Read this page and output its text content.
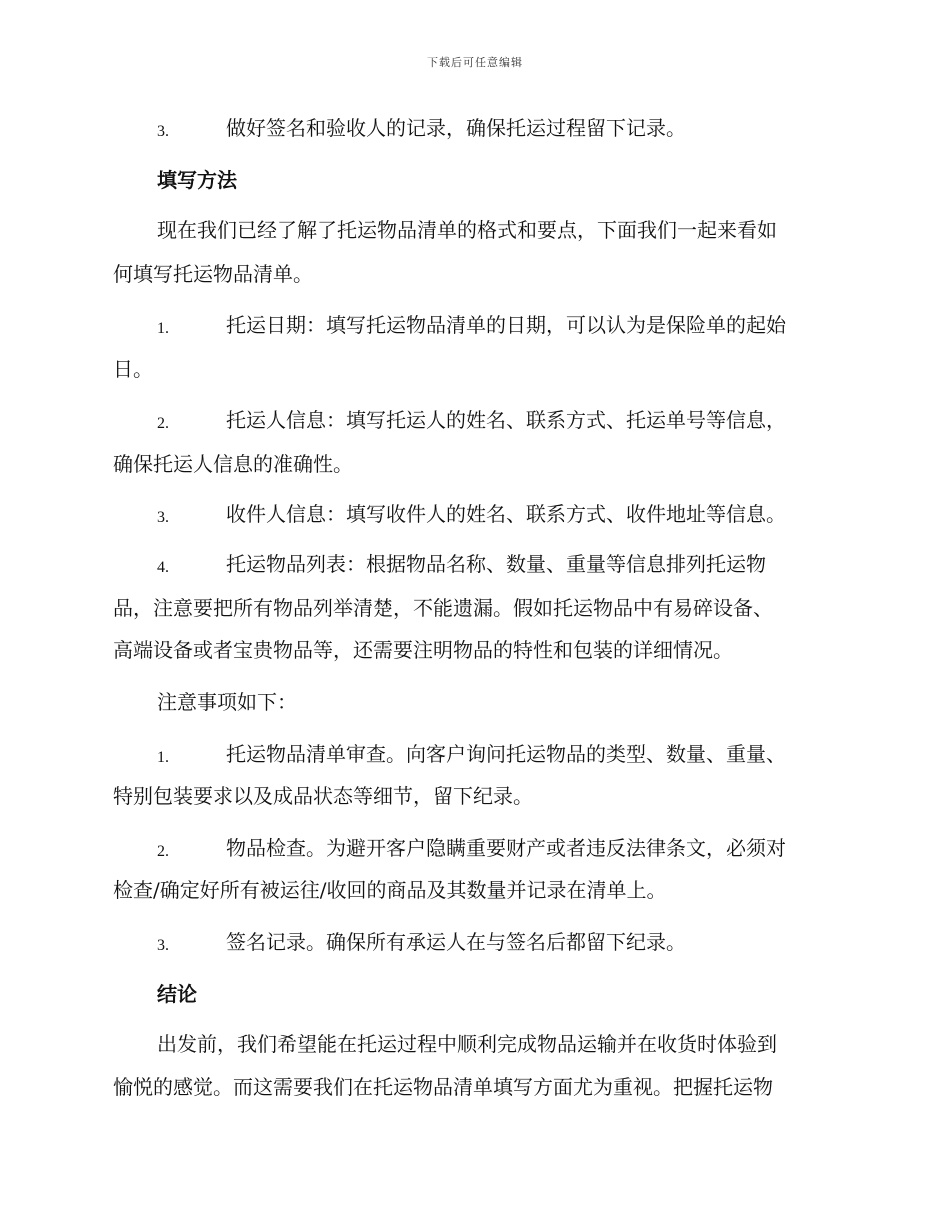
下载后可任意编辑
3.	做好签名和验收人的记录，确保托运过程留下记录。
填写方法
现在我们已经了解了托运物品清单的格式和要点，下面我们一起来看如
何填写托运物品清单。
1.	托运日期：填写托运物品清单的日期，可以认为是保险单的起始
日。
2.	托运人信息：填写托运人的姓名、联系方式、托运单号等信息，
确保托运人信息的准确性。
3.	收件人信息：填写收件人的姓名、联系方式、收件地址等信息。
4.	托运物品列表：根据物品名称、数量、重量等信息排列托运物
品，注意要把所有物品列举清楚，不能遗漏。假如托运物品中有易碎设备、
高端设备或者宝贵物品等，还需要注明物品的特性和包装的详细情况。
注意事项如下：
1.	托运物品清单审查。向客户询问托运物品的类型、数量、重量、
特别包装要求以及成品状态等细节，留下纪录。
2.	物品检查。为避开客户隐瞒重要财产或者违反法律条文，必须对
检查/确定好所有被运往/收回的商品及其数量并记录在清单上。
3.	签名记录。确保所有承运人在与签名后都留下纪录。
结论
出发前，我们希望能在托运过程中顺利完成物品运输并在收货时体验到
愉悦的感觉。而这需要我们在托运物品清单填写方面尤为重视。把握托运物
